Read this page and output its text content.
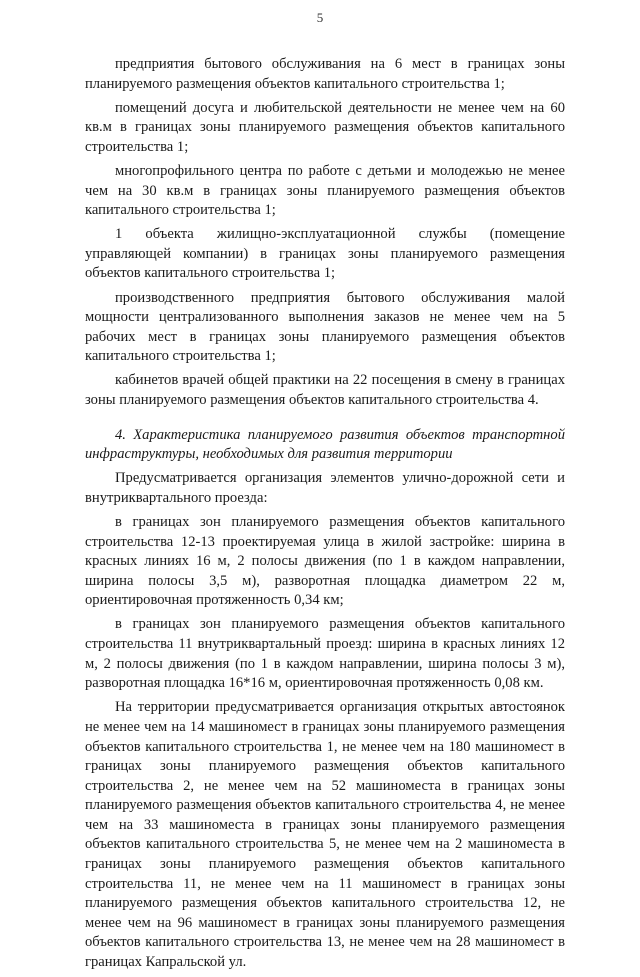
5

предприятия бытового обслуживания на 6 мест в границах зоны планируемого размещения объектов капитального строительства 1;

помещений досуга и любительской деятельности не менее чем на 60 кв.м в границах зоны планируемого размещения объектов капитального строительства 1;

многопрофильного центра по работе с детьми и молодежью не менее чем на 30 кв.м в границах зоны планируемого размещения объектов капитального строительства 1;

1 объекта жилищно-эксплуатационной службы (помещение управляющей компании) в границах зоны планируемого размещения объектов капитального строительства 1;

производственного предприятия бытового обслуживания малой мощности централизованного выполнения заказов не менее чем на 5 рабочих мест в границах зоны планируемого размещения объектов капитального строительства 1;

кабинетов врачей общей практики на 22 посещения в смену в границах зоны планируемого размещения объектов капитального строительства 4.

4. Характеристика планируемого развития объектов транспортной инфраструктуры, необходимых для развития территории

Предусматривается организация элементов улично-дорожной сети и внутриквартального проезда:

в границах зон планируемого размещения объектов капитального строительства 12-13 проектируемая улица в жилой застройке: ширина в красных линиях 16 м, 2 полосы движения (по 1 в каждом направлении, ширина полосы 3,5 м), разворотная площадка диаметром 22 м, ориентировочная протяженность 0,34 км;

в границах зон планируемого размещения объектов капитального строительства 11 внутриквартальный проезд: ширина в красных линиях 12 м, 2 полосы движения (по 1 в каждом направлении, ширина полосы 3 м), разворотная площадка 16*16 м, ориентировочная протяженность 0,08 км.

На территории предусматривается организация открытых автостоянок не менее чем на 14 машиномест в границах зоны планируемого размещения объектов капитального строительства 1, не менее чем на 180 машиномест в границах зоны планируемого размещения объектов капитального строительства 2, не менее чем на 52 машиноместа в границах зоны планируемого размещения объектов капитального строительства 4, не менее чем на 33 машиноместа в границах зоны планируемого размещения объектов капитального строительства 5, не менее чем на 2 машиноместа в границах зоны планируемого размещения объектов капитального строительства 11, не менее чем на 11 машиномест в границах зоны планируемого размещения объектов капитального строительства 12, не менее чем на 96 машиномест в границах зоны планируемого размещения объектов капитального строительства 13, не менее чем на 28 машиномест в границах Капральской ул.
